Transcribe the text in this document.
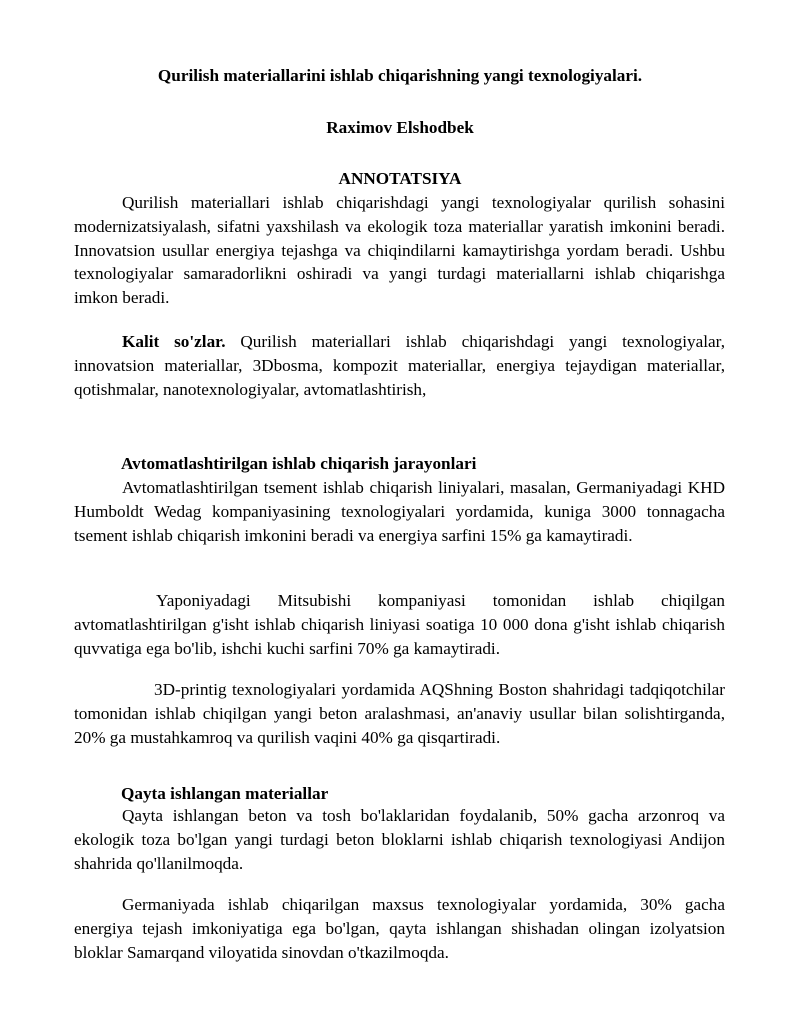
Qurilish materiallarini ishlab chiqarishning yangi texnologiyalari.
Raximov Elshodbek
ANNOTATSIYA

Qurilish materiallari ishlab chiqarishdagi yangi texnologiyalar qurilish sohasini modernizatsiyalash, sifatni yaxshilash va ekologik toza materiallar yaratish imkonini beradi. Innovatsion usullar energiya tejashga va chiqindilarni kamaytirishga yordam beradi. Ushbu texnologiyalar samaradorlikni oshiradi va yangi turdagi materiallarni ishlab chiqarishga imkon beradi.

Kalit so'zlar. Qurilish materiallari ishlab chiqarishdagi yangi texnologiyalar, innovatsion materiallar, 3Dbosma, kompozit materiallar, energiya tejaydigan materiallar, qotishmalar, nanotexnologiyalar, avtomatlashtirish,

Avtomatlashtirilgan ishlab chiqarish jarayonlari

Avtomatlashtirilgan tsement ishlab chiqarish liniyalari, masalan, Germaniyadagi KHD Humboldt Wedag kompaniyasining texnologiyalari yordamida, kuniga 3000 tonnagacha tsement ishlab chiqarish imkonini beradi va energiya sarfini 15% ga kamaytiradi.

Yaponiyadagi Mitsubishi kompaniyasi tomonidan ishlab chiqilgan avtomatlashtirilgan g'isht ishlab chiqarish liniyasi soatiga 10 000 dona g'isht ishlab chiqarish quvvatiga ega bo'lib, ishchi kuchi sarfini 70% ga kamaytiradi.

3D-printig texnologiyalari yordamida AQShning Boston shahridagi tadqiqotchilar tomonidan ishlab chiqilgan yangi beton aralashmasi, an'anaviy usullar bilan solishtirganda, 20% ga mustahkamroq va qurilish vaqini 40% ga qisqartiradi.

Qayta ishlangan materiallar

Qayta ishlangan beton va tosh bo'laklaridan foydalanib, 50% gacha arzonroq va ekologik toza bo'lgan yangi turdagi beton bloklarni ishlab chiqarish texnologiyasi Andijon shahrida qo'llanilmoqda.

Germaniyada ishlab chiqarilgan maxsus texnologiyalar yordamida, 30% gacha energiya tejash imkoniyatiga ega bo'lgan, qayta ishlangan shishadan olingan izolyatsion bloklar Samarqand viloyatida sinovdan o'tkazilmoqda.
